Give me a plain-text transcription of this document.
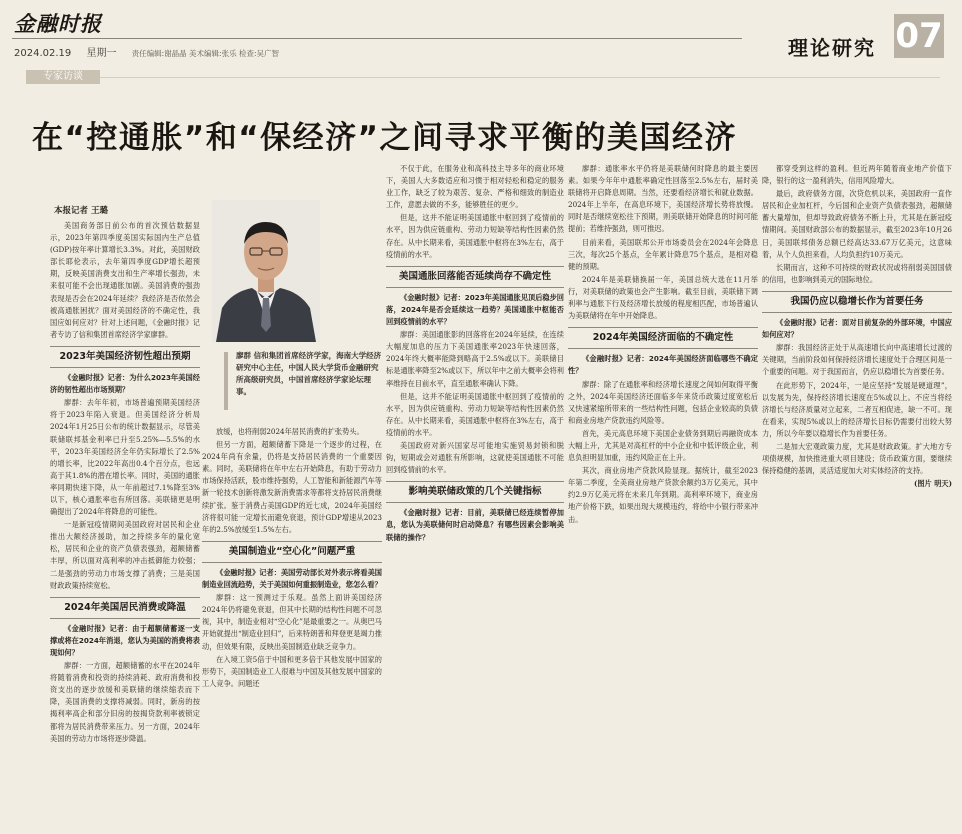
金融时报
2024.02.19 星期一 责任编辑:谢晶晶 美术编辑:张乐 检查:吴广智	理论研究 07
专家访谈
在“控通胀”和“保经济”之间寻求平衡的美国经济
本报记者 王璐

美国商务部日前公布的首次预估数据显示，2023年第四季度美国实际国内生产总值(GDP)按年率计算增长3.3%。对此，美国财政部长耶伦表示，去年第四季度GDP增长超预期，反映美国消费支出和生产率增长强劲，未来很可能不会出现通胀加剧。美国消费的强劲表现是否会在2024年延续？我经济是否依然会被高通胀困扰？面对美国经济的不确定性，我国应如何应对？针对上述问题，《金融时报》记者专访了信和集团首席经济学家廖群。

2023年美国经济韧性超出预期

《金融时报》记者：为什么2023年美国经济的韧性超出市场预期？

廖群：去年年初，市场普遍预期美国经济将于2023年陷入衰退。但美国经济分析局2024年1月25日公布的统计数据显示，尽管美联储联邦基金利率已升至5.25%—5.5%的水平，2023年美国经济全年仍实际增长了2.5%的增长率，比2022年高出0.4个百分点，也远高于其1.8%的潜在增长率。同时，美国的通胀率同期快速下降，从一年前超过7.1%降至3%以下，核心通胀率也有所回落。美联储更是明确提出了2024年将降息的可能性。

一是新冠疫情期间美国政府对居民和企业推出大额经济援助，加之持续多年的量化宽松，居民和企业的资产负债表强劲，超额储蓄丰厚，所以面对高利率的冲击抵御能力较强；二是强劲的劳动力市场支撑了消费；三是美国财政政策持续宽松。

2024年美国居民消费或降温

《金融时报》记者：由于超额储蓄逐一支撑或将在2024年消退，您认为美国的消费将表现如何？

廖群：一方面，超额储蓄的水平在2024年将随着消费和投资的持续消耗、政府消费和投资支出的逐步放缓和美联储的继续缩表而下降，美国消费的支撑将减弱。同时，新房的按揭利率高企和部分旧房的按揭贷款利率被锁定都将为居民消费带来压力。另一方面，2024年美国的劳动力市场将逐步降温。

廖群 信和集团首席经济学家，海南大学经济研究中心主任，中国人民大学货币金融研究所高级研究员，中国首席经济学家论坛理事。

放缓，也将削弱2024年居民消费的扩张势头。

但另一方面，超额储蓄下降是一个逐步的过程，在2024年尚有余量，仍将是支持居民消费的一个重要因素。同时，美联储将在年中左右开始降息，有助于劳动力市场保持活跃，股市维持强势，人工智能和新能源汽车等新一轮技术创新将激发新消费需求等都将支持居民消费继续扩张。鉴于消费占美国GDP的近七成，2024年美国经济将很可能一定增长而避免衰退，预计GDP增速从2023年的2.5%放缓至1.5%左右。

美国制造业“空心化”问题严重

《金融时报》记者：美国劳动部长对外表示将看美国制造业回流趋势，关于美国如何重振制造业，您怎么看？

廖群：这一预测过于乐观。虽然上面讲美国经济2024年仍将避免衰退，但其中长期的结构性问题不可忽视，其中，制造业相对“空心化”是最重要之一。从奥巴马开始就提出“制造业回归”，后来特朗普和拜登更是竭力推动，但效果有限，反映出美国制造业缺乏竞争力。

在入境工资5倍于中国和更多倍于其他发展中国家的形势下，美国制造业工人很难与中国及其他发展中国家的工人竞争。问题还

不仅于此，在服务业和高科技主导多年的商业环境下，美国人大多数适应和习惯于相对轻松和稳定的服务业工作，缺乏了较为艰苦、复杂、严格和细致的制造业工作，意愿去做的不多，能够胜任的更少。

但是，这并不能证明美国通胀中枢回到了疫情前的水平，因为供应链重构、劳动力短缺等结构性因素仍然存在。从中长期来看，美国通胀中枢将在3%左右，高于疫情前的水平。

美国通胀回落能否延续尚存不确定性

《金融时报》记者：2023年美国通胀见顶后稳步回落，2024年是否会延续这一趋势？美国通胀中枢能否回到疫情前的水平？

廖群：美国通胀影的回落将在2024年延续，在连续大幅度加息的压力下美国通胀率2023年快速回落，2024年终大概率能降到略高于2.5%或以下。美联储目标是通胀率降至2%或以下，所以年中之前大概率会将利率维持在目前水平，直至通胀率确认下降。

但是，这并不能证明美国通胀中枢回到了疫情前的水平，因为供应链重构、劳动力短缺等结构性因素仍然存在。从中长期来看，美国通胀中枢将在3%左右，高于疫情前的水平。

美国政府对新兴国家尽可能地实施贸易封锁和脱钩，短期或会对通胀有所影响，这就使美国通胀不可能回到疫情前的水平。

影响美联储政策的几个关键指标

《金融时报》记者：目前，美联储已经连续暂停加息，您认为美联储何时启动降息？有哪些因素会影响美联储的操作？

廖群：通胀率水平仍将是美联储何时降息的最主要因素。如果今年年中通胀率确定性回落至2.5%左右，届时美联储将开启降息周期。当然，还要看经济增长和就业数据。2024年上半年，在高息环境下，美国经济增长势将放慢。同时是否继续宽松往下预期，则美联储开始降息的时间可能提前；若维持强劲，则可推迟。

目前来看，美国联邦公开市场委员会在2024年会降息三次，每次25个基点，全年累计降息75个基点，是相对稳健的预期。

2024年是美联储换届一年，美国总统大选在11月举行，对美联储的政策也会产生影响。截至目前，美联储下调利率与通胀下行及经济增长放缓的程度相匹配，市场普遍认为美联储将在年中开始降息。

2024年美国经济面临的不确定性

《金融时报》记者：2024年美国经济面临哪些不确定性？

廖群：除了在通胀率和经济增长速度之间如何取得平衡之外，2024年美国经济还面临多年来货币政策过度宽松后又快速紧缩所带来的一些结构性问题，包括企业较高的负债和商业房地产贷款违约风险等。

首先，美元高息环境下美国企业债务到期后再融资成本大幅上升，尤其是对高杠杆的中小企业和中低评级企业，利息负担明显加重，违约风险正在上升。

其次，商业房地产贷款风险显现。据统计，截至2023年第二季度，全美商业房地产贷款余额约3万亿美元，其中约2.9万亿美元将在未来几年到期。高利率环境下，商业房地产价格下跌，如果出现大规模违约，将给中小银行带来冲击。

都穿受到这样的盈利。但近两年随着商业地产价值下降，银行的这一盈利消失，信用风险增大。

最后，政府债务方面，次贷危机以来，美国政府一直作居民和企业加杠杆，今后国和企业资产负债表强劲，超额储蓄大量增加，但却导致政府债务不断上升，尤其是在新冠疫情期间。美国财政部公布的数据显示，截至2023年10月26日，美国联邦债务总额已经高达33.67万亿美元，这意味着，从个人负担来看，人均负担约10万美元。

长期而言，这种不可持续的财政状况或将削弱美国国债的信用，也影响到美元的国际地位。

我国仍应以稳增长作为首要任务

《金融时报》记者：面对目前复杂的外部环境，中国应如何应对？

廖群：我国经济正处于从高速增长向中高速增长过渡的关键期，当前阶段如何保持经济增长速度处于合理区间是一个重要的问题。对于我国而言，仍应以稳增长为首要任务。

在此形势下，2024年，一是应坚持“发展是硬道理”，以发展为先，保持经济增长速度在5%或以上。不应当将经济增长与经济质量对立起来，二者互相促进，缺一不可。现在看来，实现5%或以上的经济增长目标仍需要付出较大努力，所以今年要以稳增长作为首要任务。

二是加大宏观政策力度，尤其是财政政策。扩大地方专项债规模，加快推进重大项目建设；货币政策方面，要继续保持稳健的基调，灵活适度加大对实体经济的支持。

(图片 明天)
